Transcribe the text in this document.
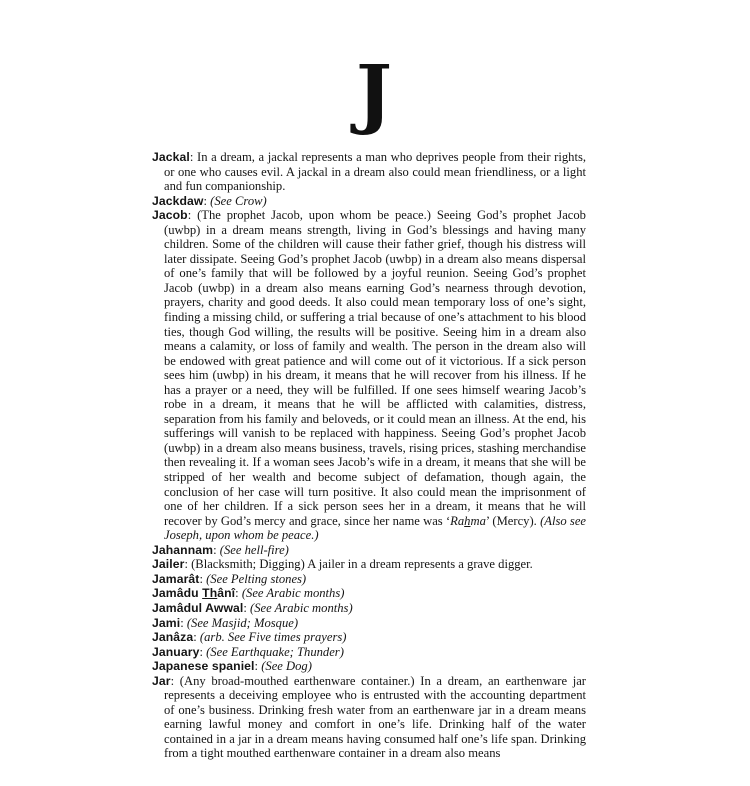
J

Jackal: In a dream, a jackal represents a man who deprives people from their rights, or one who causes evil. A jackal in a dream also could mean friendliness, or a light and fun companionship.

Jackdaw: (See Crow)

Jacob: (The prophet Jacob, upon whom be peace.) Seeing God’s prophet Jacob (uwbp) in a dream means strength, living in God’s blessings and having many children. Some of the children will cause their father grief, though his distress will later dissipate. Seeing God’s prophet Jacob (uwbp) in a dream also means dispersal of one’s family that will be followed by a joyful reunion. Seeing God’s prophet Jacob (uwbp) in a dream also means earning God’s nearness through devotion, prayers, charity and good deeds. It also could mean temporary loss of one’s sight, finding a missing child, or suffering a trial because of one’s attachment to his blood ties, though God willing, the results will be positive. Seeing him in a dream also means a calamity, or loss of family and wealth. The person in the dream also will be endowed with great patience and will come out of it victorious. If a sick person sees him (uwbp) in his dream, it means that he will recover from his illness. If he has a prayer or a need, they will be fulfilled. If one sees himself wearing Jacob’s robe in a dream, it means that he will be afflicted with calamities, distress, separation from his family and beloveds, or it could mean an illness. At the end, his sufferings will vanish to be replaced with happiness. Seeing God’s prophet Jacob (uwbp) in a dream also means business, travels, rising prices, stashing merchandise then revealing it. If a woman sees Jacob’s wife in a dream, it means that she will be stripped of her wealth and become subject of defamation, though again, the conclusion of her case will turn positive. It also could mean the imprisonment of one of her children. If a sick person sees her in a dream, it means that he will recover by God’s mercy and grace, since her name was ‘Rahma’ (Mercy). (Also see Joseph, upon whom be peace.)

Jahannam: (See hell-fire)

Jailer: (Blacksmith; Digging) A jailer in a dream represents a grave digger.

Jamarât: (See Pelting stones)

Jamâdu Thânî: (See Arabic months)

Jamâdul Awwal: (See Arabic months)

Jami: (See Masjid; Mosque)

Janâza: (arb. See Five times prayers)

January: (See Earthquake; Thunder)

Japanese spaniel: (See Dog)

Jar: (Any broad-mouthed earthenware container.) In a dream, an earthenware jar represents a deceiving employee who is entrusted with the accounting department of one’s business. Drinking fresh water from an earthenware jar in a dream means earning lawful money and comfort in one’s life. Drinking half of the water contained in a jar in a dream means having consumed half one’s life span. Drinking from a tight mouthed earthenware container in a dream also means
